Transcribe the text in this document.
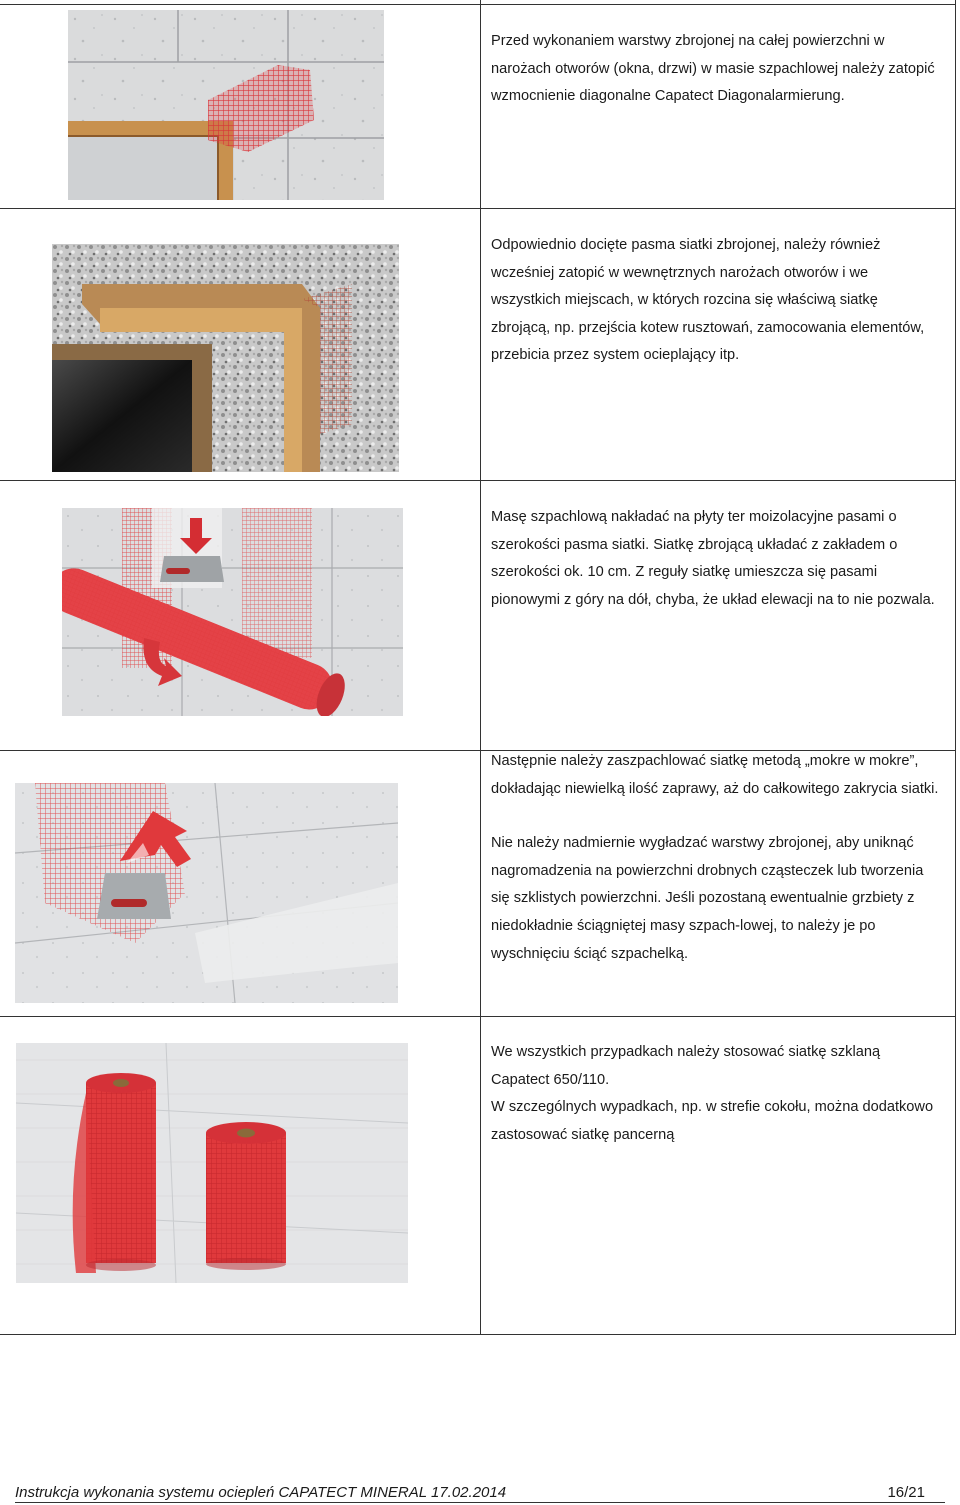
Przed wykonaniem warstwy zbrojonej na całej powierzchni w narożach otworów (okna, drzwi) w masie szpachlowej należy zatopić wzmocnienie diagonalne Capatect Diagonalarmierung.

Odpowiednio docięte pasma siatki zbrojonej, należy również wcześniej zatopić w wewnętrznych narożach otworów i we wszystkich miejscach, w których rozcina się właściwą siatkę zbrojącą, np. przejścia kotew rusztowań, zamocowania elementów, przebicia przez system ocieplający itp.

Masę szpachlową nakładać na płyty ter moizolacyjne pasami o szerokości pasma siatki. Siatkę zbrojącą układać z zakładem o szerokości ok. 10 cm. Z reguły siatkę umieszcza się pasami pionowymi z góry na dół, chyba, że układ elewacji na to nie pozwala.

Następnie należy zaszpachlować siatkę metodą „mokre w mokre”, dokładając niewielką ilość zaprawy, aż do całkowitego zakrycia siatki.

Nie należy nadmiernie wygładzać warstwy zbrojonej, aby uniknąć nagromadzenia na powierzchni drobnych cząsteczek lub tworzenia się szklistych powierzchni. Jeśli pozostaną ewentualnie grzbiety z niedokładnie ściągniętej masy szpach-lowej, to należy je po wyschnięciu ściąć szpachelką.

We wszystkich przypadkach należy stosować siatkę szklaną Capatect 650/110.

W szczególnych wypadkach, np. w strefie cokołu, można dodatkowo zastosować siatkę pancerną

Instrukcja wykonania systemu ociepleń CAPATECT MINERAL 17.02.2014	16/21
